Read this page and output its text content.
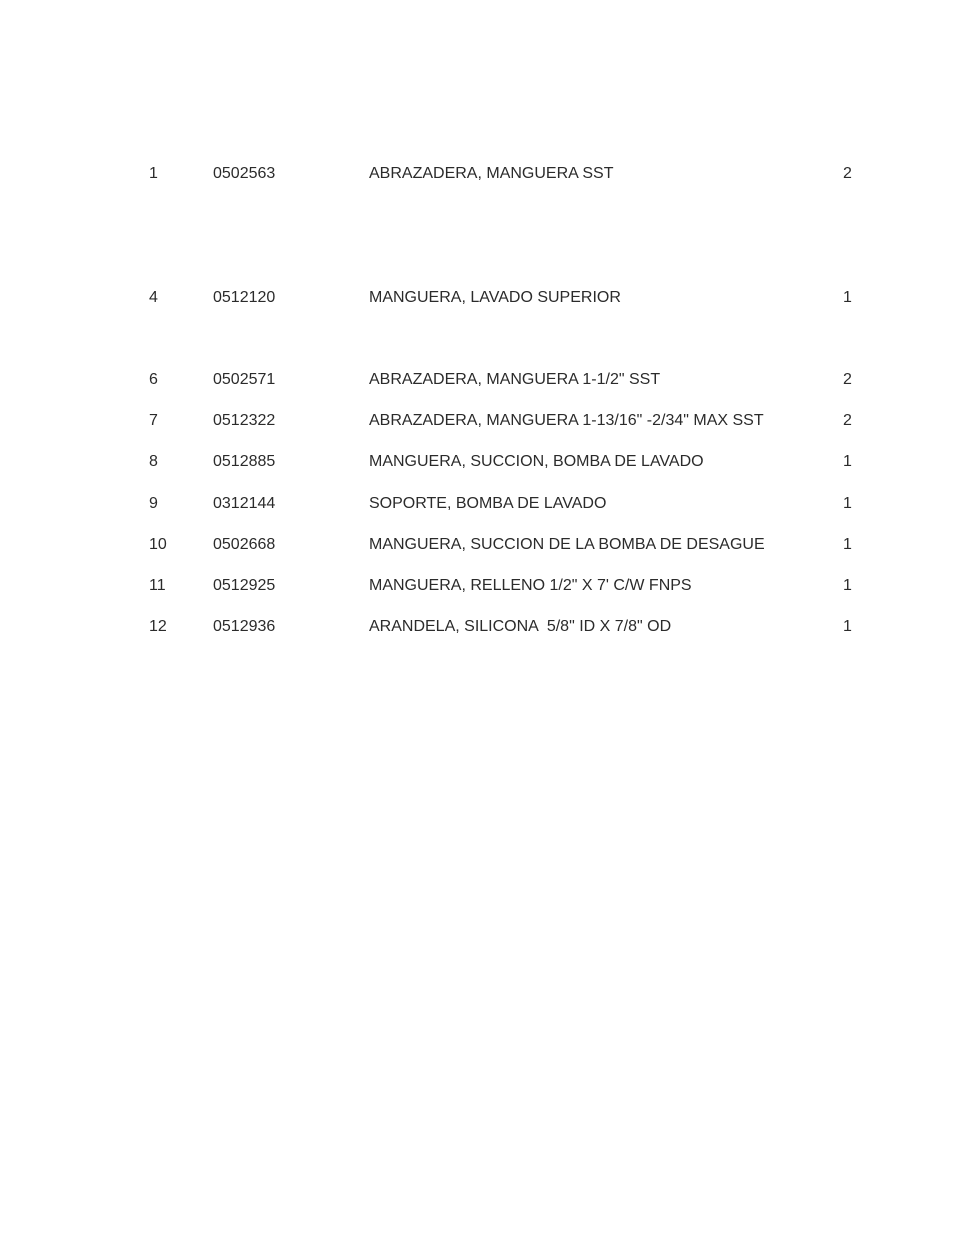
1	0502563	ABRAZADERA, MANGUERA SST	2
4	0512120	MANGUERA, LAVADO SUPERIOR	1
6	0502571	ABRAZADERA, MANGUERA 1-1/2" SST	2
7	0512322	ABRAZADERA, MANGUERA 1-13/16" -2/34" MAX SST	2
8	0512885	MANGUERA, SUCCION, BOMBA DE LAVADO	1
9	0312144	SOPORTE, BOMBA DE LAVADO	1
10	0502668	MANGUERA, SUCCION DE LA BOMBA DE DESAGUE	1
11	0512925	MANGUERA, RELLENO 1/2" X 7' C/W FNPS	1
12	0512936	ARANDELA, SILICONA  5/8" ID X 7/8" OD	1
